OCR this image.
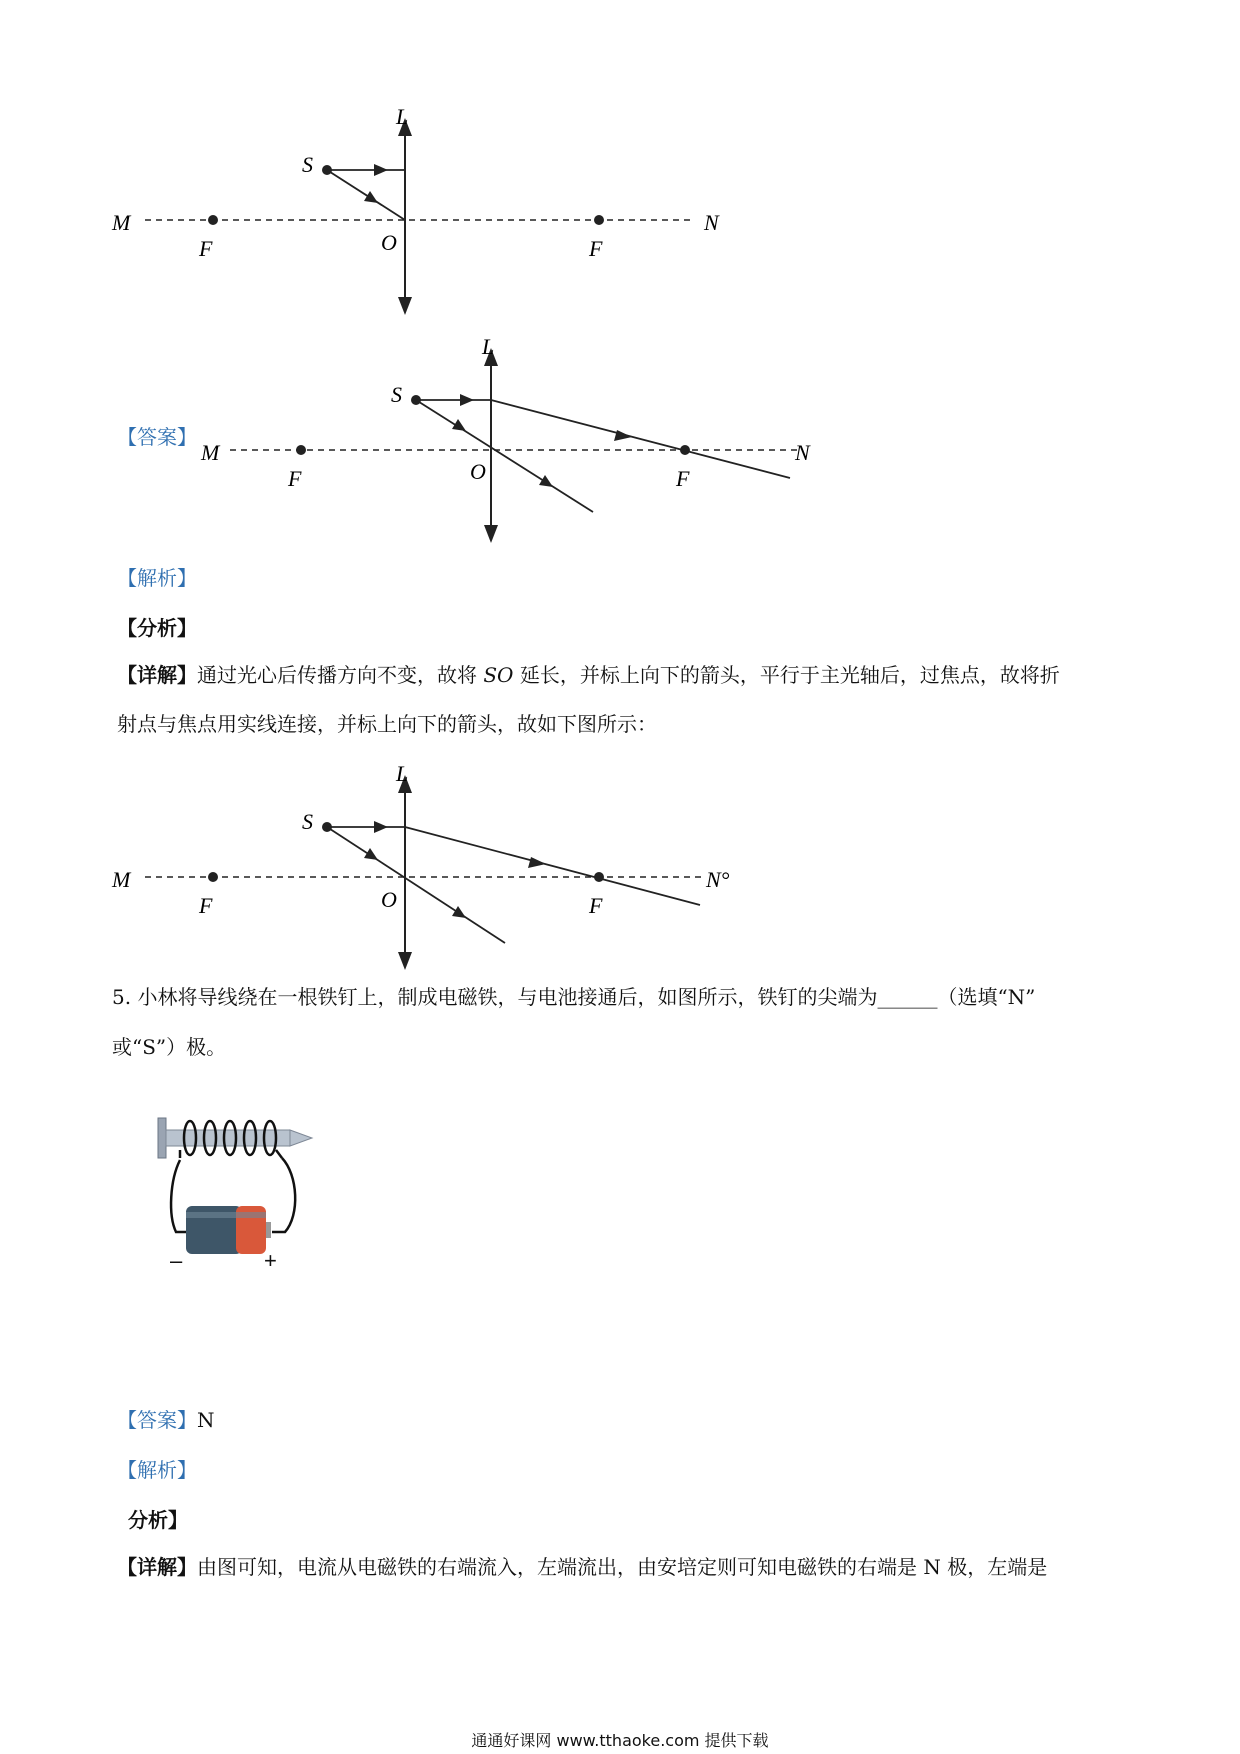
L
S
M	N
O
F	F
L
S
M	N
O
F	F
L
S
M	N°
O
F	F
【答案】
【解析】
【分析】
【详解】通过光心后传播方向不变，故将 SO 延长，并标上向下的箭头，平行于主光轴后，过焦点，故将折
射点与焦点用实线连接，并标上向下的箭头，故如下图所示：
5. 小林将导线绕在一根铁钉上，制成电磁铁，与电池接通后，如图所示，铁钉的尖端为______（选填“N”
或“S”）极。
–	+
【答案】N
【解析】
分析】
【详解】由图可知，电流从电磁铁的右端流入，左端流出，由安培定则可知电磁铁的右端是 N 极，左端是
通通好课网 www.tthaoke.com 提供下载
